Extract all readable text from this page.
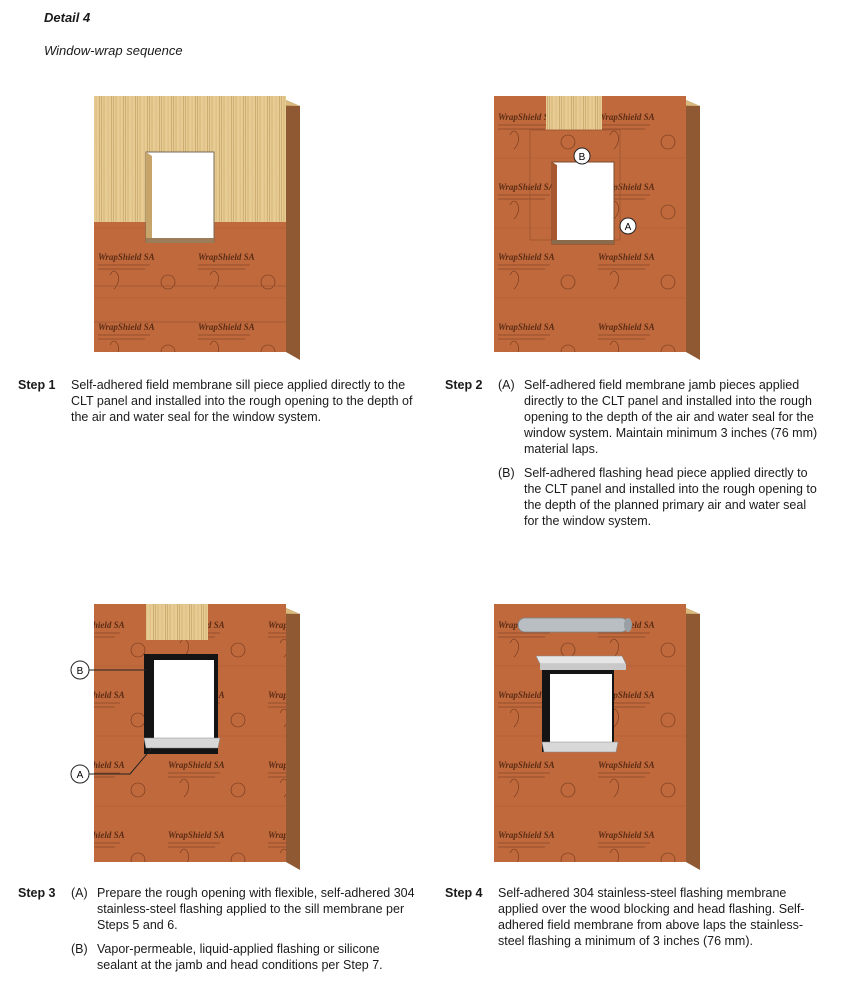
Detail 4
Window-wrap sequence
B
A
B
A
Step 1 Self-adhered field membrane sill piece applied directly to the CLT panel and installed into the rough opening to the depth of the air and water seal for the window system.
Step 2 (A) Self-adhered field membrane jamb pieces applied directly to the CLT panel and installed into the rough opening to the depth of the air and water seal for the window system. Maintain minimum 3 inches (76 mm) material laps.
(B) Self-adhered flashing head piece applied directly to the CLT panel and installed into the rough opening to the depth of the planned primary air and water seal for the window system.
Step 3 (A) Prepare the rough opening with flexible, self-adhered 304 stainless-steel flashing applied to the sill membrane per Steps 5 and 6.
(B) Vapor-permeable, liquid-applied flashing or silicone sealant at the jamb and head conditions per Step 7.
Step 4 Self-adhered 304 stainless-steel flashing membrane applied over the wood blocking and head flashing. Self-adhered field membrane from above laps the stainless-steel flashing a minimum of 3 inches (76 mm).
